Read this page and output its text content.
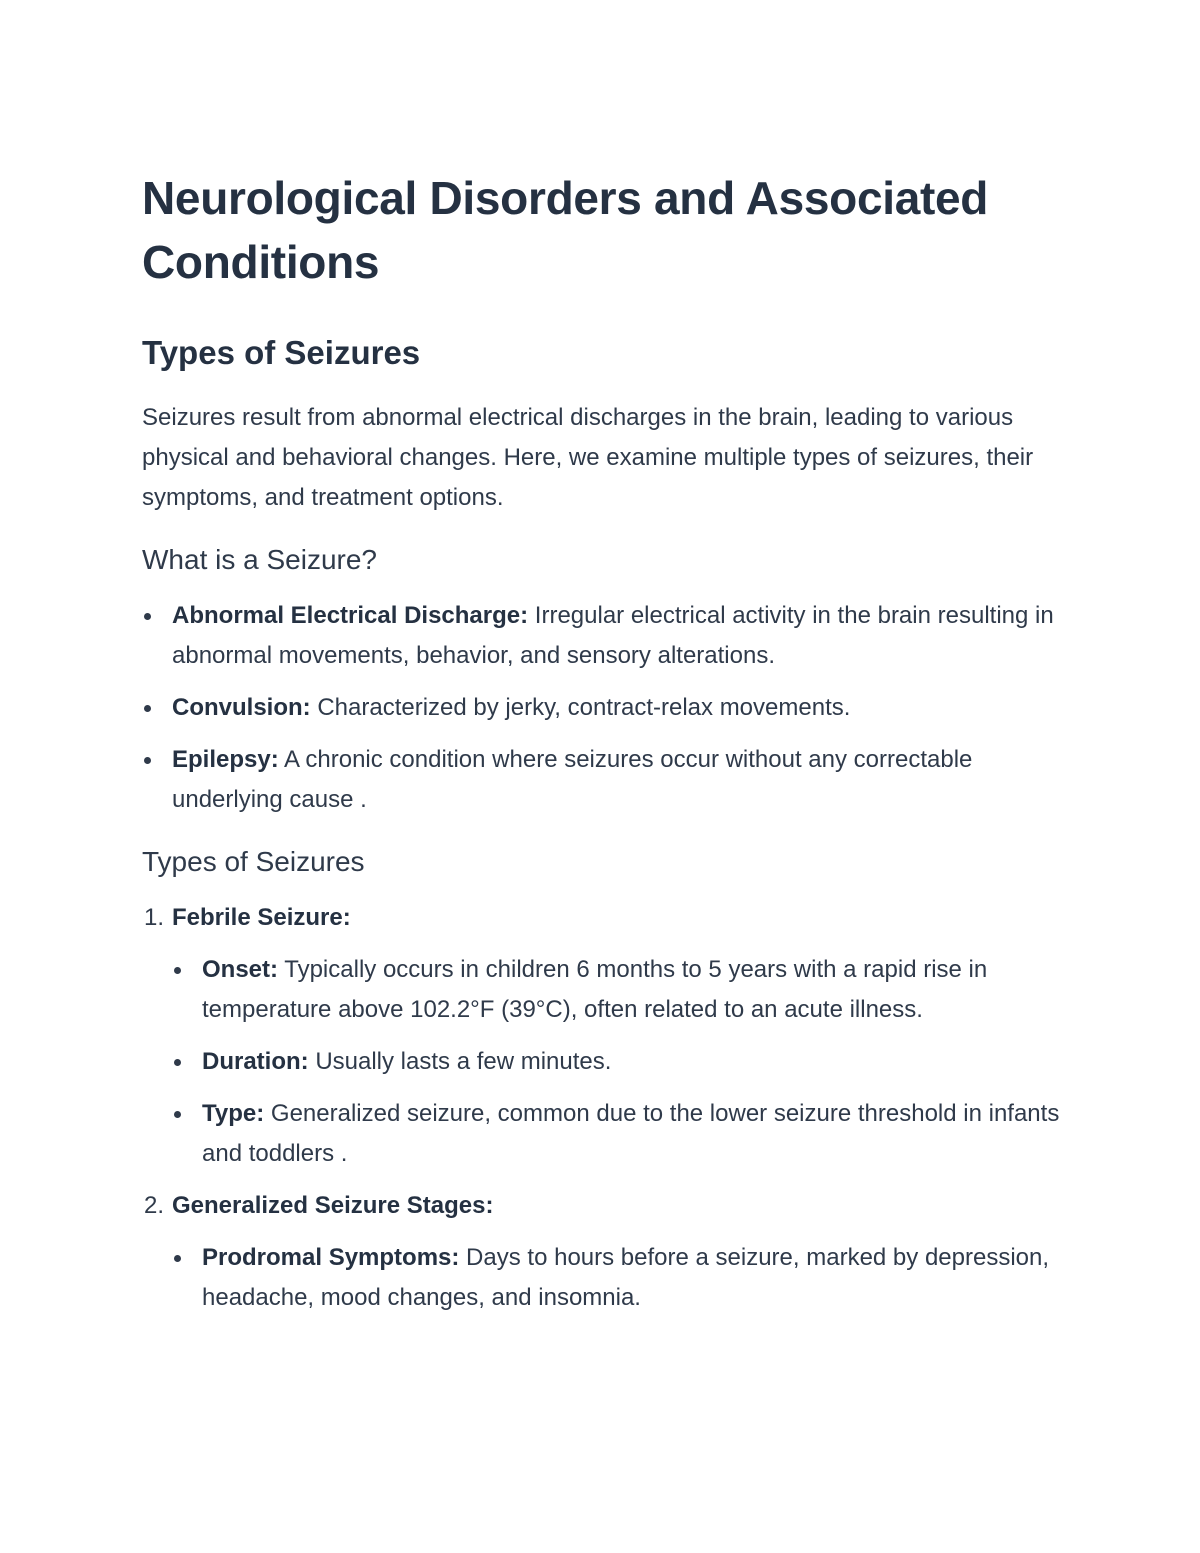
Neurological Disorders and Associated Conditions
Types of Seizures

Seizures result from abnormal electrical discharges in the brain, leading to various physical and behavioral changes. Here, we examine multiple types of seizures, their symptoms, and treatment options.

What is a Seizure?
Abnormal Electrical Discharge: Irregular electrical activity in the brain resulting in abnormal movements, behavior, and sensory alterations.
Convulsion: Characterized by jerky, contract-relax movements.
Epilepsy: A chronic condition where seizures occur without any correctable underlying cause .
Types of Seizures
1. Febrile Seizure:
Onset: Typically occurs in children 6 months to 5 years with a rapid rise in temperature above 102.2°F (39°C), often related to an acute illness.
Duration: Usually lasts a few minutes.
Type: Generalized seizure, common due to the lower seizure threshold in infants and toddlers .
2. Generalized Seizure Stages:
Prodromal Symptoms: Days to hours before a seizure, marked by depression, headache, mood changes, and insomnia.
